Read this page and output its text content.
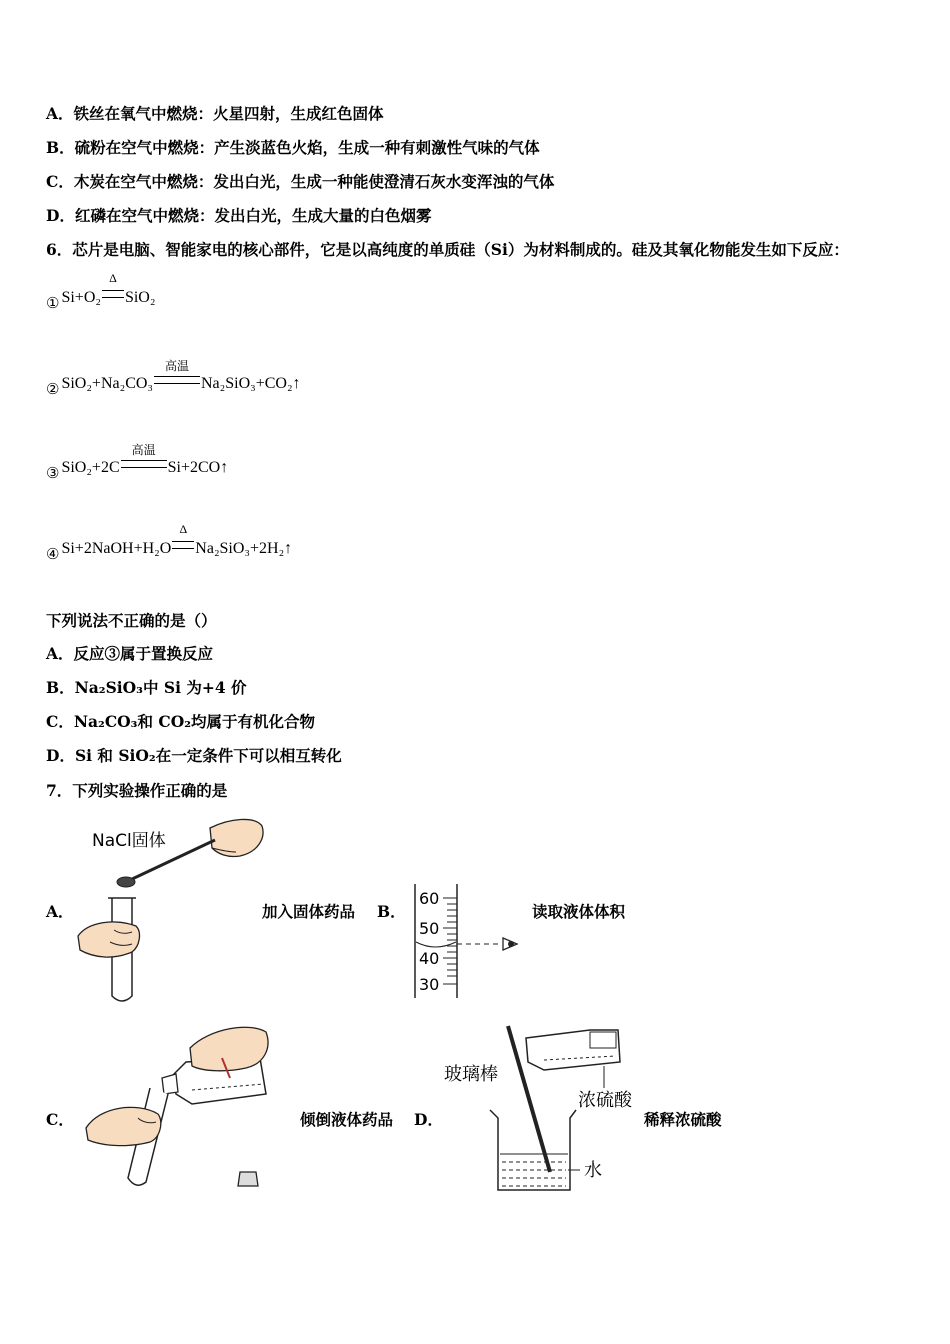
A．铁丝在氧气中燃烧：火星四射，生成红色固体
B．硫粉在空气中燃烧：产生淡蓝色火焰，生成一种有刺激性气味的气体
C．木炭在空气中燃烧：发出白光，生成一种能使澄清石灰水变浑浊的气体
D．红磷在空气中燃烧：发出白光，生成大量的白色烟雾
6．芯片是电脑、智能家电的核心部件，它是以高纯度的单质硅（Si）为材料制成的。硅及其氧化物能发生如下反应：
① Si+O₂
Δ
SiO₂
② SiO₂+Na₂CO₃
高温
Na₂SiO₃+CO₂↑
③ SiO₂+2C
高温
Si+2CO↑
④ Si+2NaOH+H₂O
Δ
Na₂SiO₃+2H₂↑
下列说法不正确的是（）
A．反应③属于置换反应
B．Na₂SiO₃中 Si 为+4 价
C．Na₂CO₃和 CO₂均属于有机化合物
D．Si 和 SiO₂在一定条件下可以相互转化
7．下列实验操作正确的是
NaCl固体
A．	加入固体药品 B．
60
50
40
30
读取液体体积
C．	倾倒液体药品 D．
玻璃棒
浓硫酸
水
稀释浓硫酸
